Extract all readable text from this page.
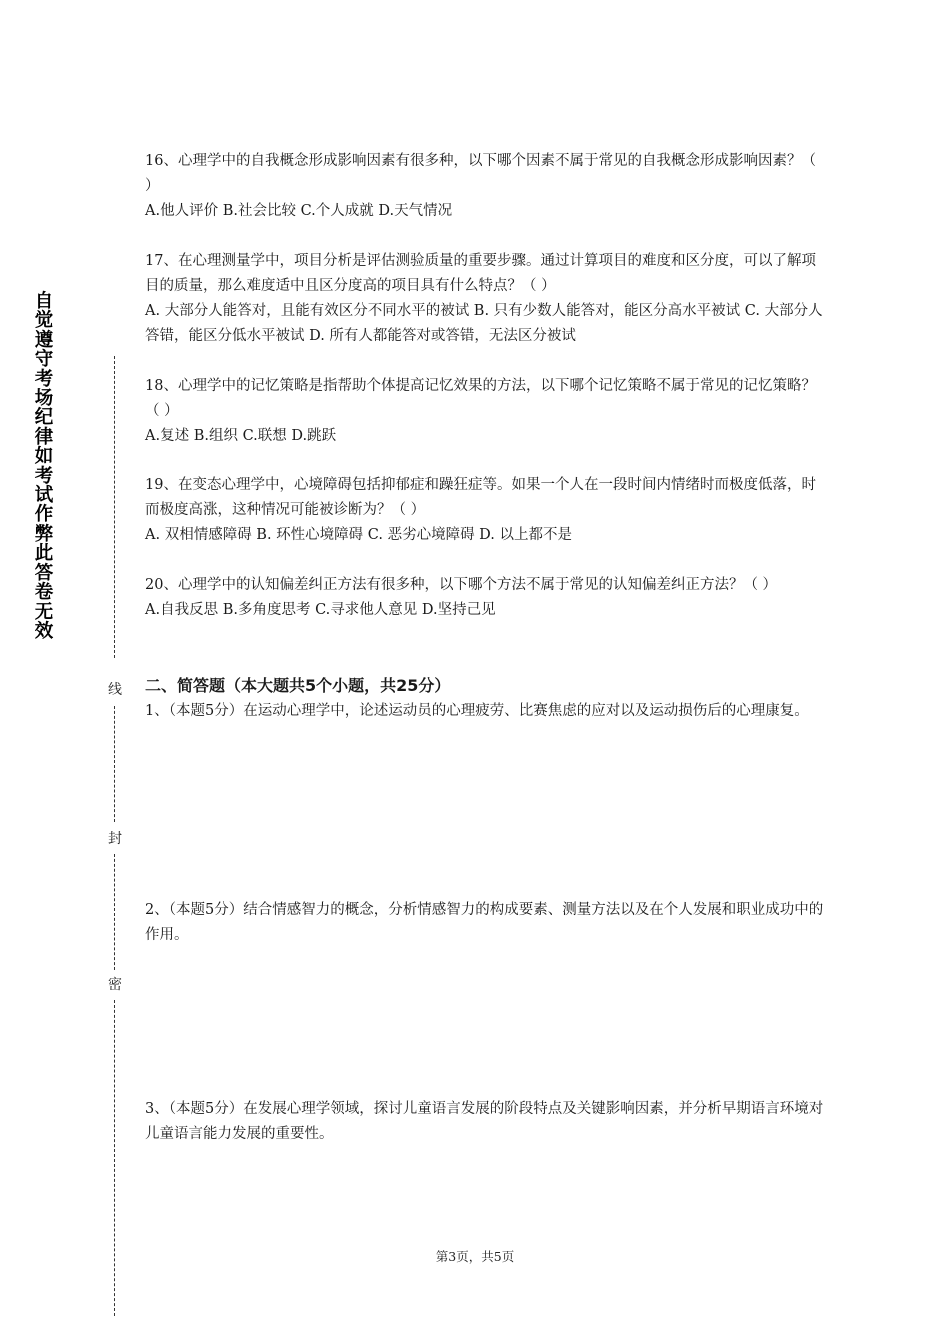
自觉遵守考场纪律如考试作弊此答卷无效
线
封
密

16、心理学中的自我概念形成影响因素有很多种，以下哪个因素不属于常见的自我概念形成影响因素？（ ）

A.他人评价 B.社会比较 C.个人成就 D.天气情况

17、在心理测量学中，项目分析是评估测验质量的重要步骤。通过计算项目的难度和区分度，可以了解项目的质量，那么难度适中且区分度高的项目具有什么特点？（ ）

A. 大部分人能答对，且能有效区分不同水平的被试 B. 只有少数人能答对，能区分高水平被试 C. 大部分人答错，能区分低水平被试 D. 所有人都能答对或答错，无法区分被试

18、心理学中的记忆策略是指帮助个体提高记忆效果的方法，以下哪个记忆策略不属于常见的记忆策略？（ ）

A.复述 B.组织 C.联想 D.跳跃

19、在变态心理学中，心境障碍包括抑郁症和躁狂症等。如果一个人在一段时间内情绪时而极度低落，时而极度高涨，这种情况可能被诊断为？（ ）

A. 双相情感障碍 B. 环性心境障碍 C. 恶劣心境障碍 D. 以上都不是

20、心理学中的认知偏差纠正方法有很多种，以下哪个方法不属于常见的认知偏差纠正方法？（ ）

A.自我反思 B.多角度思考 C.寻求他人意见 D.坚持己见

二、简答题（本大题共5个小题，共25分）

1、（本题5分）在运动心理学中，论述运动员的心理疲劳、比赛焦虑的应对以及运动损伤后的心理康复。

2、（本题5分）结合情感智力的概念，分析情感智力的构成要素、测量方法以及在个人发展和职业成功中的作用。

3、（本题5分）在发展心理学领域，探讨儿童语言发展的阶段特点及关键影响因素，并分析早期语言环境对儿童语言能力发展的重要性。

第3页，共5页
